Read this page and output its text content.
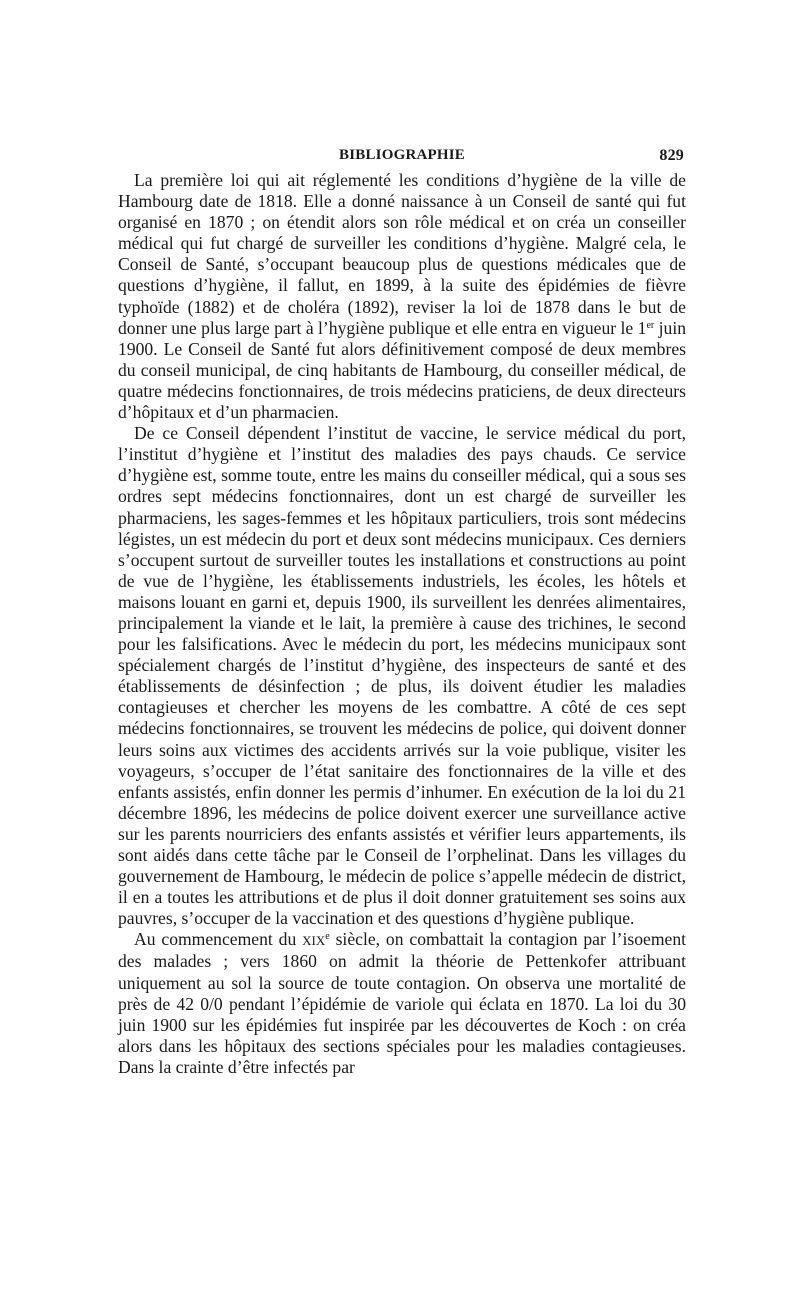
BIBLIOGRAPHIE	829

La première loi qui ait réglementé les conditions d’hygiène de la ville de Hambourg date de 1818. Elle a donné naissance à un Conseil de santé qui fut organisé en 1870 ; on étendit alors son rôle médical et on créa un conseiller médical qui fut chargé de surveiller les conditions d’hygiène. Malgré cela, le Conseil de Santé, s’occupant beaucoup plus de questions médicales que de questions d’hygiène, il fallut, en 1899, à la suite des épidémies de fièvre typhoïde (1882) et de choléra (1892), reviser la loi de 1878 dans le but de donner une plus large part à l’hygiène publique et elle entra en vigueur le 1er juin 1900. Le Conseil de Santé fut alors définitivement composé de deux membres du conseil municipal, de cinq habitants de Hambourg, du conseiller médical, de quatre médecins fonctionnaires, de trois médecins praticiens, de deux directeurs d’hôpitaux et d’un pharmacien.

De ce Conseil dépendent l’institut de vaccine, le service médical du port, l’institut d’hygiène et l’institut des maladies des pays chauds. Ce service d’hygiène est, somme toute, entre les mains du conseiller médical, qui a sous ses ordres sept médecins fonctionnaires, dont un est chargé de surveiller les pharmaciens, les sages-femmes et les hôpitaux particuliers, trois sont médecins légistes, un est médecin du port et deux sont médecins municipaux. Ces derniers s’occupent surtout de surveiller toutes les installations et constructions au point de vue de l’hygiène, les établissements industriels, les écoles, les hôtels et maisons louant en garni et, depuis 1900, ils surveillent les denrées alimentaires, principalement la viande et le lait, la première à cause des trichines, le second pour les falsifications. Avec le médecin du port, les médecins municipaux sont spécialement chargés de l’institut d’hygiène, des inspecteurs de santé et des établissements de désinfection ; de plus, ils doivent étudier les maladies contagieuses et chercher les moyens de les combattre. A côté de ces sept médecins fonctionnaires, se trouvent les médecins de police, qui doivent donner leurs soins aux victimes des accidents arrivés sur la voie publique, visiter les voyageurs, s’occuper de l’état sanitaire des fonctionnaires de la ville et des enfants assistés, enfin donner les permis d’inhumer. En exécution de la loi du 21 décembre 1896, les médecins de police doivent exercer une surveillance active sur les parents nourriciers des enfants assistés et vérifier leurs appartements, ils sont aidés dans cette tâche par le Conseil de l’orphelinat. Dans les villages du gouvernement de Hambourg, le médecin de police s’appelle médecin de district, il en a toutes les attributions et de plus il doit donner gratuitement ses soins aux pauvres, s’occuper de la vaccination et des questions d’hygiène publique.

Au commencement du XIXe siècle, on combattait la contagion par l’isoement des malades ; vers 1860 on admit la théorie de Pettenkofer attribuant uniquement au sol la source de toute contagion. On observa une mortalité de près de 42 0/0 pendant l’épidémie de variole qui éclata en 1870. La loi du 30 juin 1900 sur les épidémies fut inspirée par les découvertes de Koch : on créa alors dans les hôpitaux des sections spéciales pour les maladies contagieuses. Dans la crainte d’être infectés par
